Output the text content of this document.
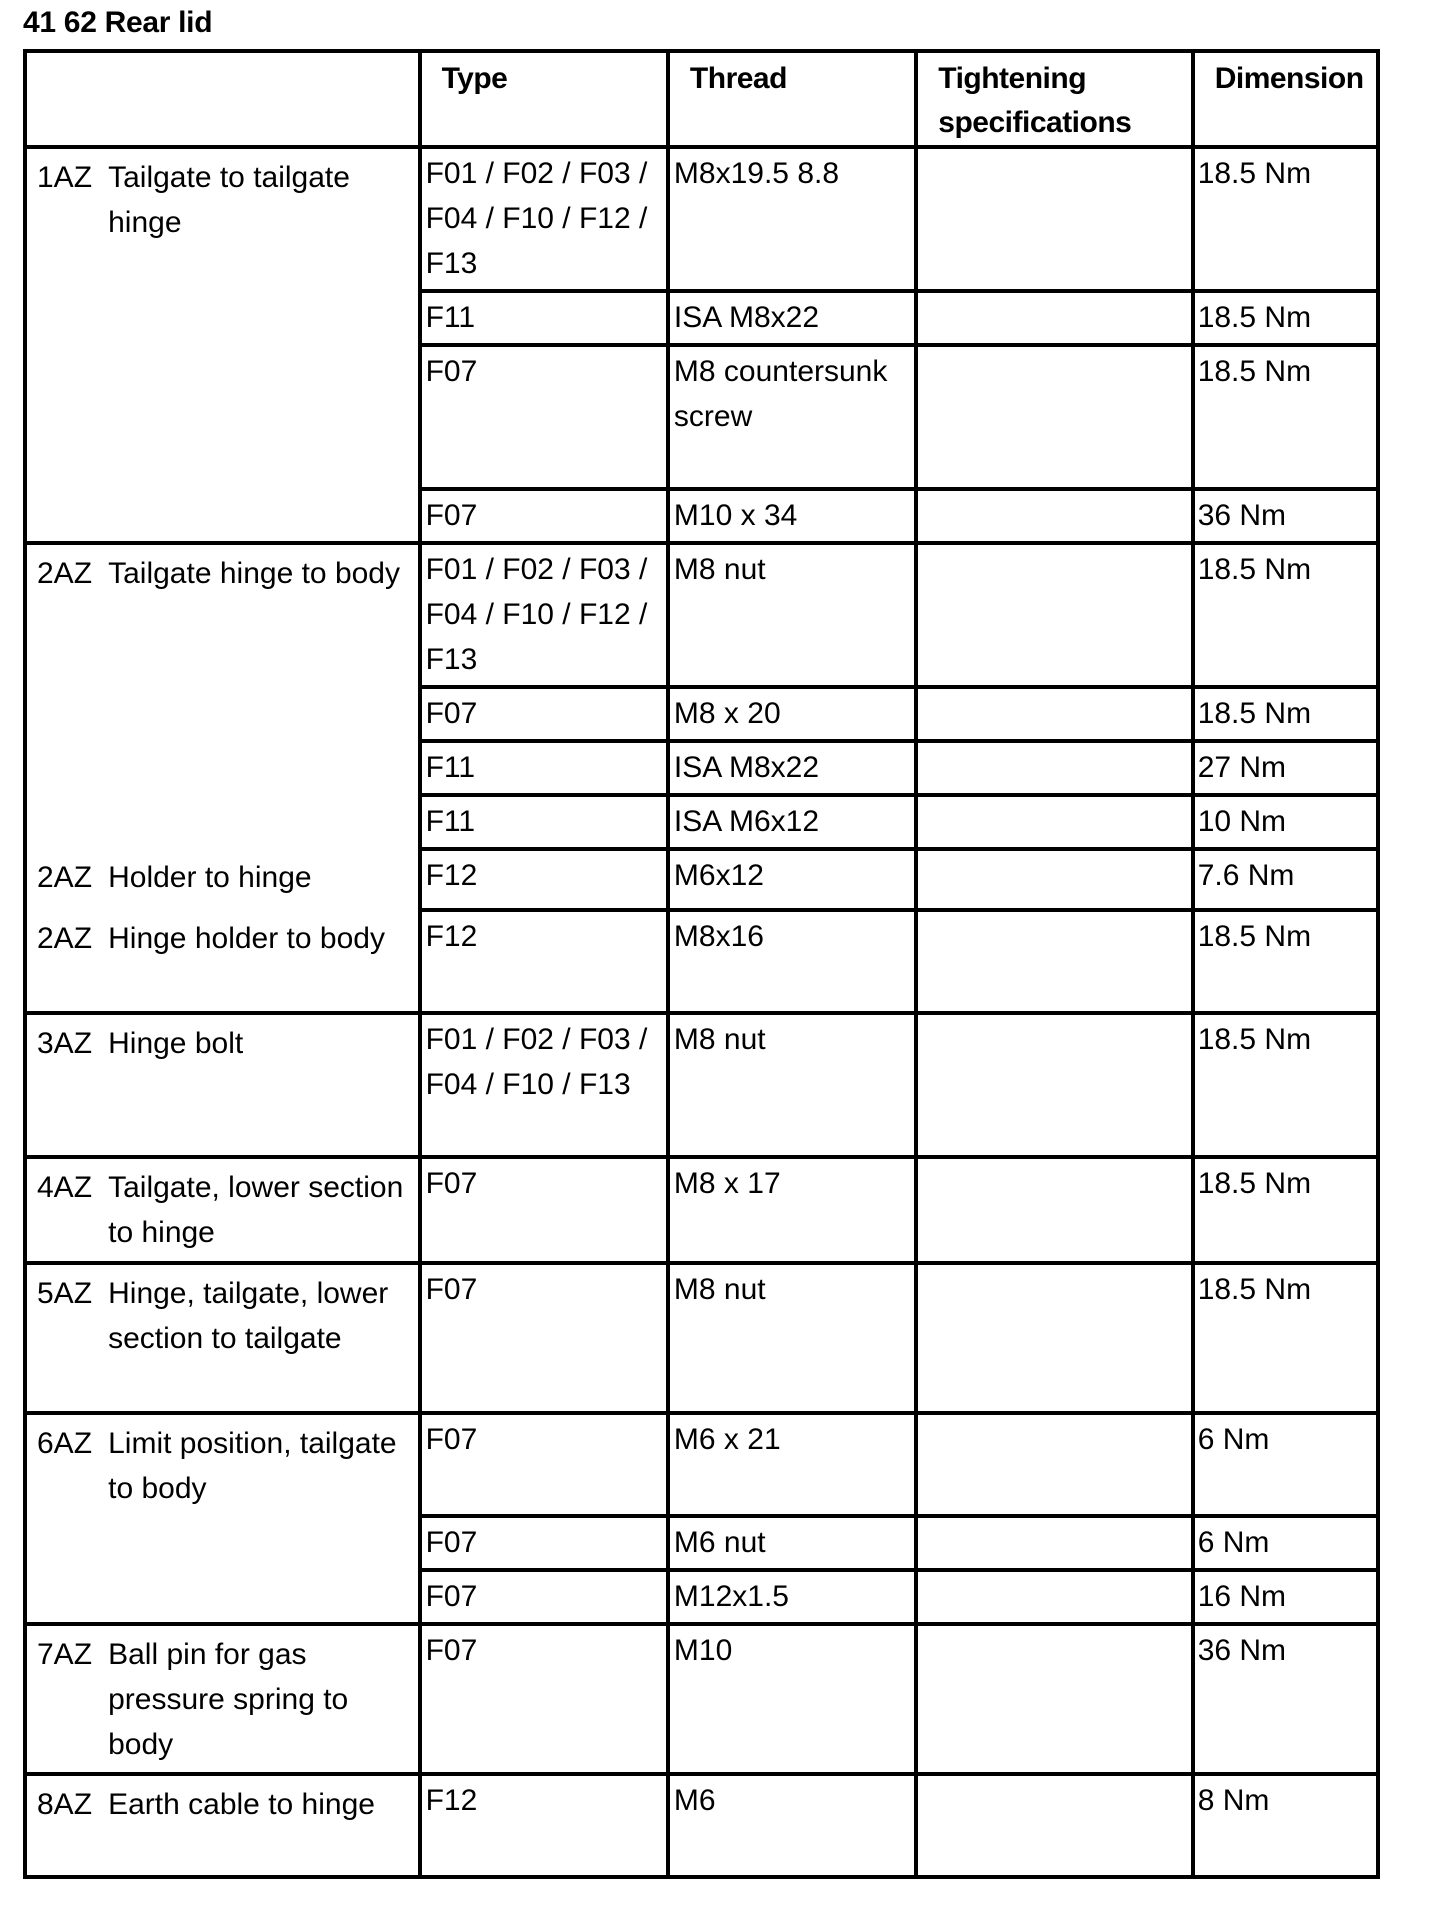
41 62 Rear lid
		Type	Thread	Tightening specifications	Dimension
1AZ	Tailgate to tailgate hinge	F01 / F02 / F03 / F04 / F10 / F12 / F13	M8x19.5 8.8		18.5 Nm
		F11	ISA M8x22		18.5 Nm
		F07	M8 countersunk screw		18.5 Nm
		F07	M10 x 34		36 Nm
2AZ	Tailgate hinge to body	F01 / F02 / F03 / F04 / F10 / F12 / F13	M8 nut		18.5 Nm
		F07	M8 x 20		18.5 Nm
		F11	ISA M8x22		27 Nm
		F11	ISA M6x12		10 Nm
2AZ	Holder to hinge	F12	M6x12		7.6 Nm
2AZ	Hinge holder to body	F12	M8x16		18.5 Nm
3AZ	Hinge bolt	F01 / F02 / F03 / F04 / F10 / F13	M8 nut		18.5 Nm
4AZ	Tailgate, lower section to hinge	F07	M8 x 17		18.5 Nm
5AZ	Hinge, tailgate, lower section to tailgate	F07	M8 nut		18.5 Nm
6AZ	Limit position, tailgate to body	F07	M6 x 21		6 Nm
		F07	M6 nut		6 Nm
		F07	M12x1.5		16 Nm
7AZ	Ball pin for gas pressure spring to body	F07	M10		36 Nm
8AZ	Earth cable to hinge	F12	M6		8 Nm
